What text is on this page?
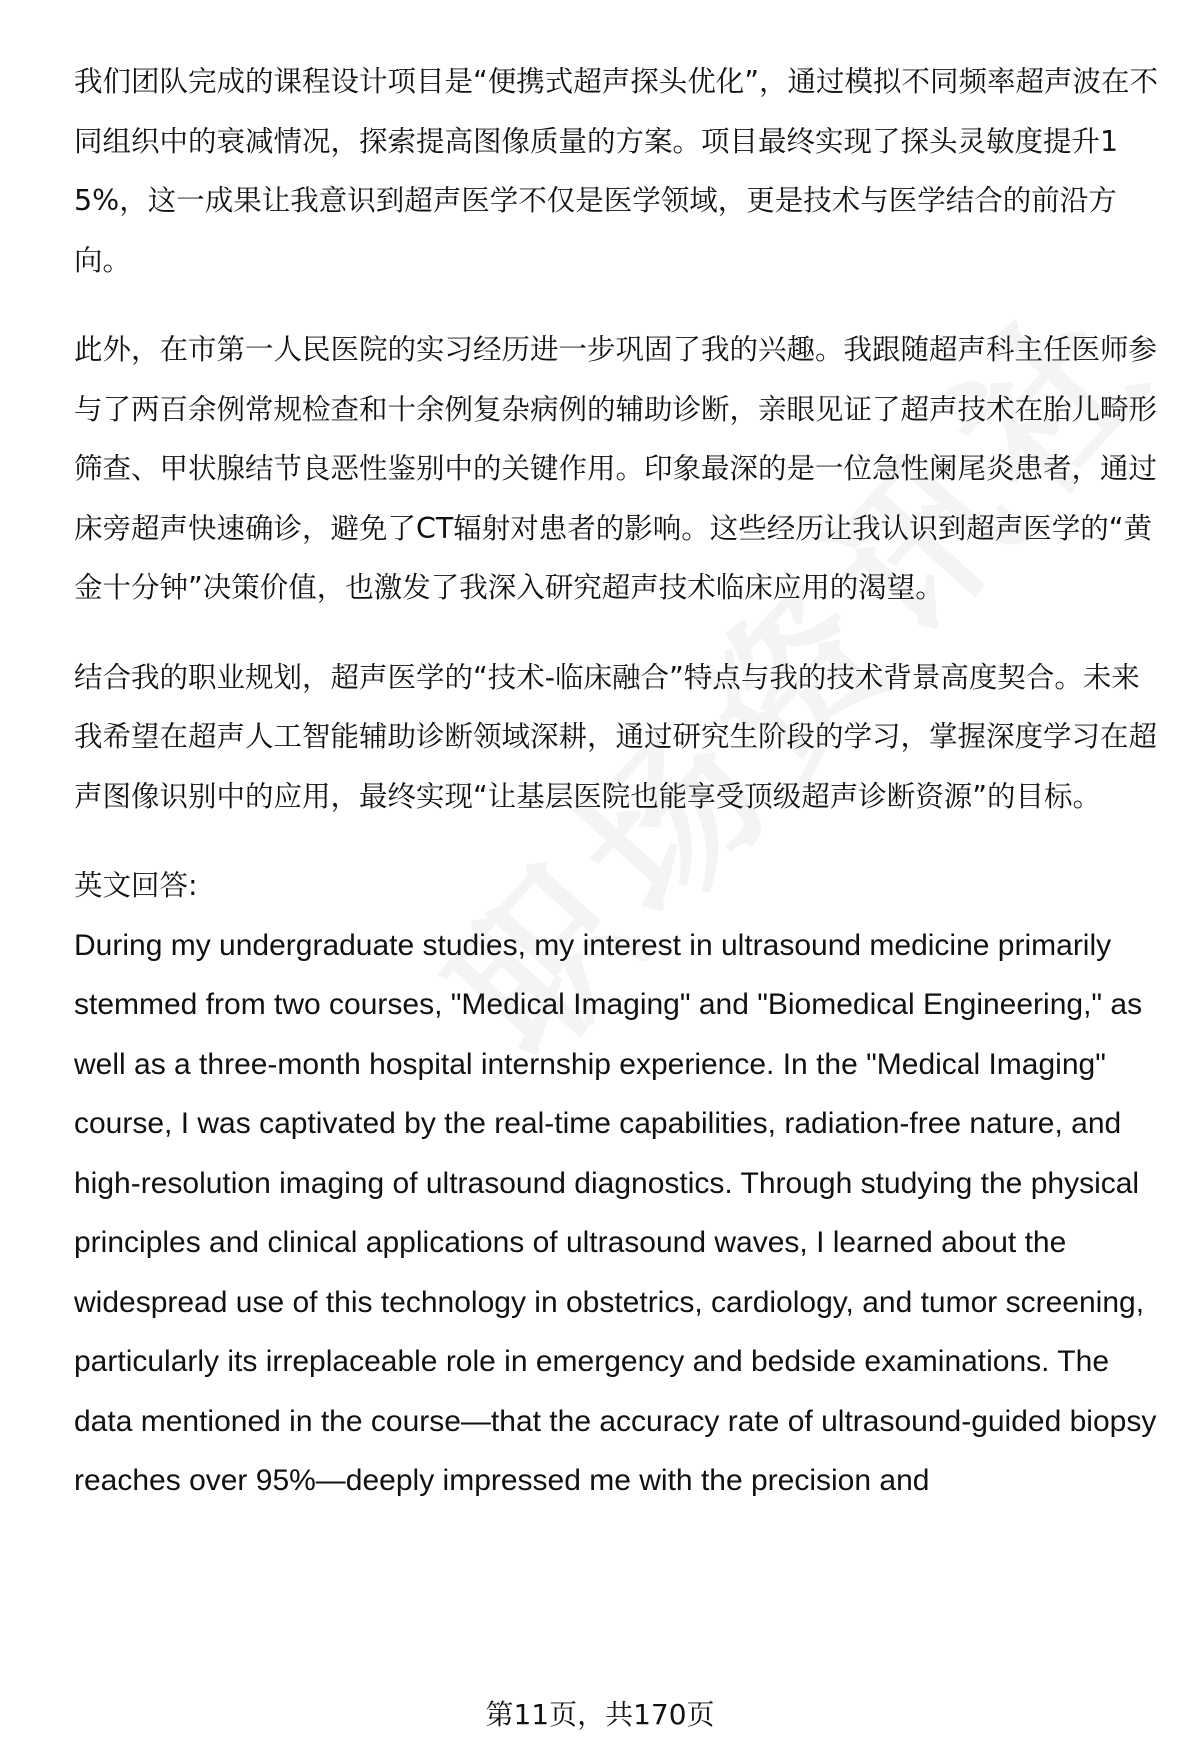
我们团队完成的课程设计项目是“便携式超声探头优化”，通过模拟不同频率超声波在不同组织中的衰减情况，探索提高图像质量的方案。项目最终实现了探头灵敏度提升15%，这一成果让我意识到超声医学不仅是医学领域，更是技术与医学结合的前沿方向。

此外，在市第一人民医院的实习经历进一步巩固了我的兴趣。我跟随超声科主任医师参与了两百余例常规检查和十余例复杂病例的辅助诊断，亲眼见证了超声技术在胎儿畸形筛查、甲状腺结节良恶性鉴别中的关键作用。印象最深的是一位急性阑尾炎患者，通过床旁超声快速确诊，避免了CT辐射对患者的影响。这些经历让我认识到超声医学的“黄金十分钟”决策价值，也激发了我深入研究超声技术临床应用的渴望。

结合我的职业规划，超声医学的“技术-临床融合”特点与我的技术背景高度契合。未来我希望在超声人工智能辅助诊断领域深耕，通过研究生阶段的学习，掌握深度学习在超声图像识别中的应用，最终实现“让基层医院也能享受顶级超声诊断资源”的目标。

英文回答:

During my undergraduate studies, my interest in ultrasound medicine primarily stemmed from two courses, "Medical Imaging" and "Biomedical Engineering," as well as a three-month hospital internship experience. In the "Medical Imaging" course, I was captivated by the real-time capabilities, radiation-free nature, and high-resolution imaging of ultrasound diagnostics. Through studying the physical principles and clinical applications of ultrasound waves, I learned about the widespread use of this technology in obstetrics, cardiology, and tumor screening, particularly its irreplaceable role in emergency and bedside examinations. The data mentioned in the course—that the accuracy rate of ultrasound-guided biopsy reaches over 95%—deeply impressed me with the precision and

第11页，共170页
